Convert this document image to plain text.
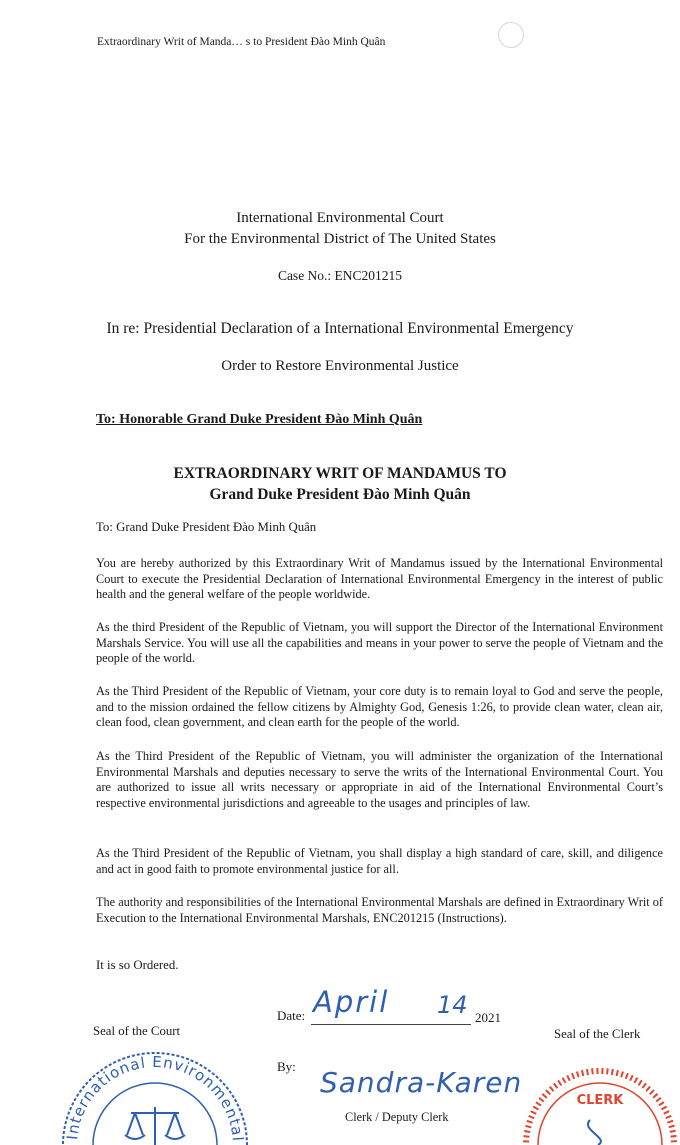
Extraordinary Writ of Manda… s to President Đào Minh Quân
International Environmental Court
For the Environmental District of The United States
Case No.: ENC201215
In re: Presidential Declaration of a International Environmental Emergency
Order to Restore Environmental Justice
To: Honorable Grand Duke President Đào Minh Quân
EXTRAORDINARY WRIT OF MANDAMUS TO
Grand Duke President Đào Minh Quân
To: Grand Duke President Đào Minh Quân
You are hereby authorized by this Extraordinary Writ of Mandamus issued by the International Environmental Court to execute the Presidential Declaration of International Environmental Emergency in the interest of public health and the general welfare of the people worldwide.
As the third President of the Republic of Vietnam, you will support the Director of the International Environment Marshals Service. You will use all the capabilities and means in your power to serve the people of Vietnam and the people of the world.
As the Third President of the Republic of Vietnam, your core duty is to remain loyal to God and serve the people, and to the mission ordained the fellow citizens by Almighty God, Genesis 1:26, to provide clean water, clean air, clean food, clean government, and clean earth for the people of the world.
As the Third President of the Republic of Vietnam, you will administer the organization of the International Environmental Marshals and deputies necessary to serve the writs of the International Environmental Court. You are authorized to issue all writs necessary or appropriate in aid of the International Environmental Court’s respective environmental jurisdictions and agreeable to the usages and principles of law.
As the Third President of the Republic of Vietnam, you shall display a high standard of care, skill, and diligence and act in good faith to promote environmental justice for all.
The authority and responsibilities of the International Environmental Marshals are defined in Extraordinary Writ of Execution to the International Environmental Marshals, ENC201215 (Instructions).
It is so Ordered.
Seal of the Court	Seal of the Clerk
Date: April 14 2021
By: Sandra-Karen
Clerk / Deputy Clerk
International Environmental
CLERK
